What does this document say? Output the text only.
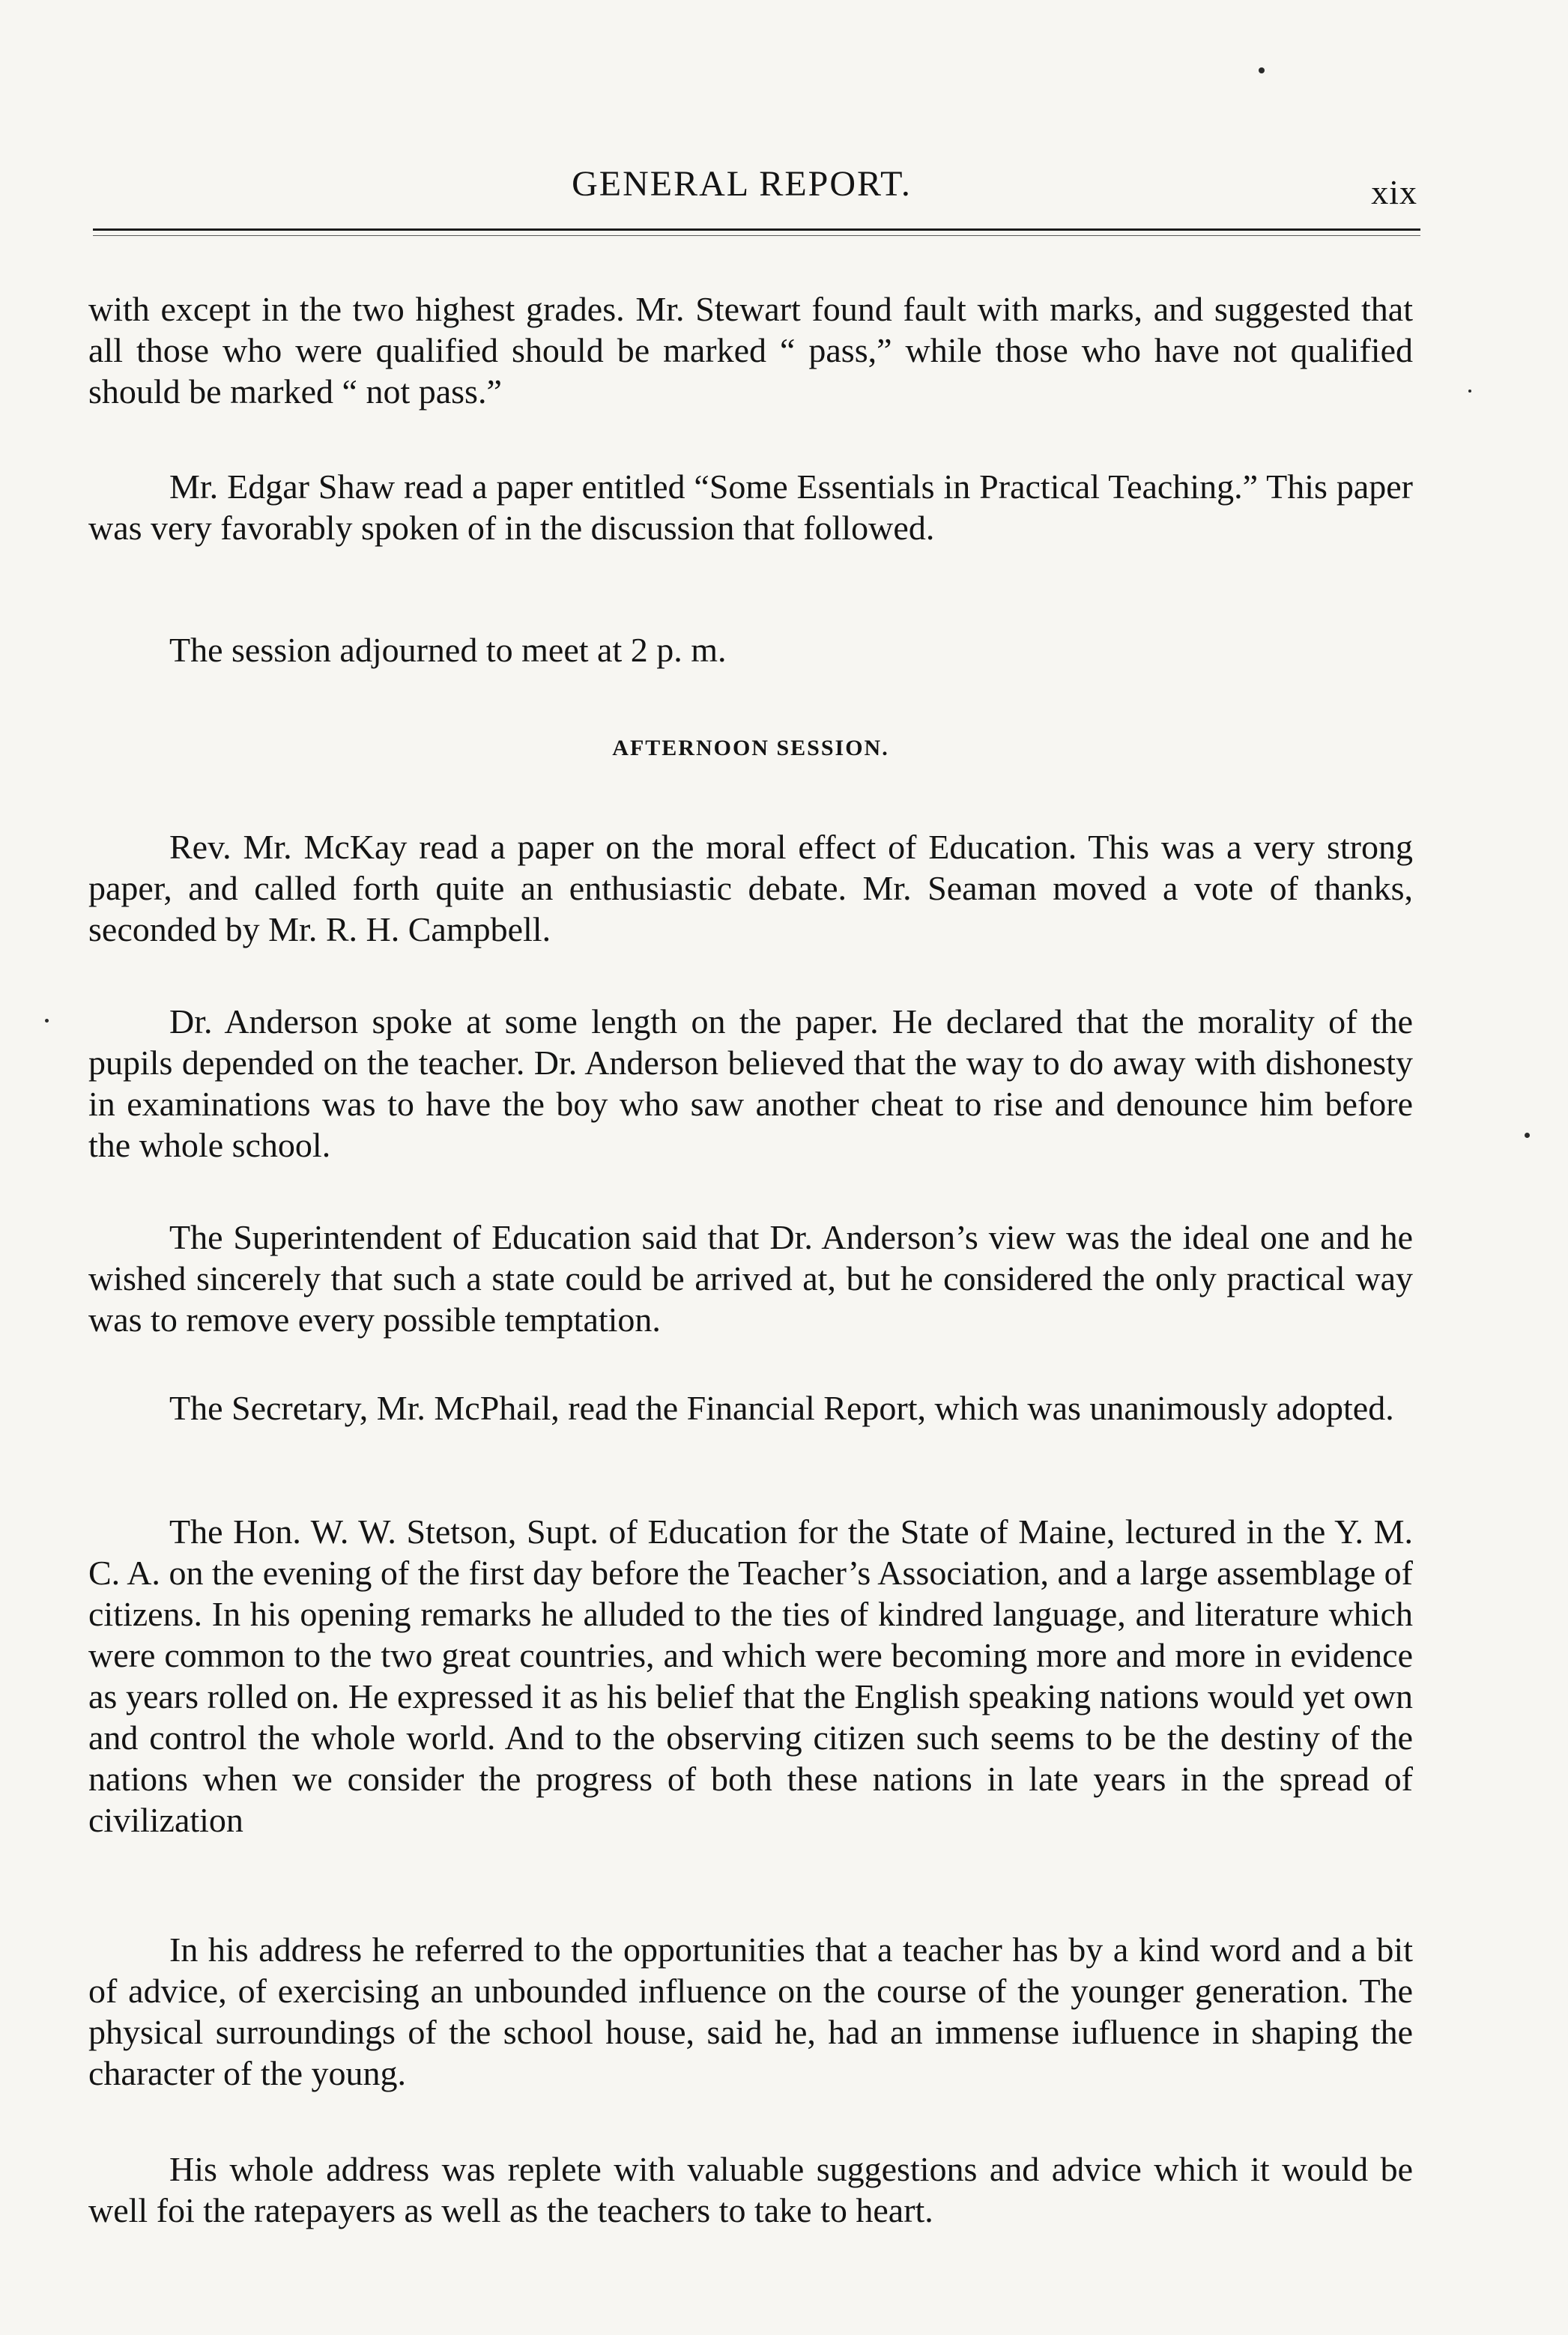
GENERAL REPORT.	xix

with except in the two highest grades. Mr. Stewart found fault with marks, and suggested that all those who were qualified should be marked “ pass,” while those who have not qualified should be marked “ not pass.”

Mr. Edgar Shaw read a paper entitled “Some Essentials in Practical Teaching.” This paper was very favorably spoken of in the discussion that followed.

The session adjourned to meet at 2 p. m.

AFTERNOON SESSION.

Rev. Mr. McKay read a paper on the moral effect of Education. This was a very strong paper, and called forth quite an enthusiastic debate. Mr. Seaman moved a vote of thanks, seconded by Mr. R. H. Campbell.

Dr. Anderson spoke at some length on the paper. He declared that the morality of the pupils depended on the teacher. Dr. Anderson believed that the way to do away with dishonesty in examinations was to have the boy who saw another cheat to rise and denounce him before the whole school.

The Superintendent of Education said that Dr. Anderson’s view was the ideal one and he wished sincerely that such a state could be arrived at, but he considered the only practical way was to remove every possible temptation.

The Secretary, Mr. McPhail, read the Financial Report, which was unanimously adopted.

The Hon. W. W. Stetson, Supt. of Education for the State of Maine, lectured in the Y. M. C. A. on the evening of the first day before the Teacher’s Association, and a large assemblage of citizens. In his opening remarks he alluded to the ties of kindred language, and literature which were common to the two great countries, and which were becoming more and more in evidence as years rolled on. He expressed it as his belief that the English speaking nations would yet own and control the whole world. And to the observing citizen such seems to be the destiny of the nations when we consider the progress of both these nations in late years in the spread of civilization

In his address he referred to the opportunities that a teacher has by a kind word and a bit of advice, of exercising an unbounded influence on the course of the younger generation. The physical surroundings of the school house, said he, had an immense iufluence in shaping the character of the young.

His whole address was replete with valuable suggestions and advice which it would be well foi the ratepayers as well as the teachers to take to heart.
